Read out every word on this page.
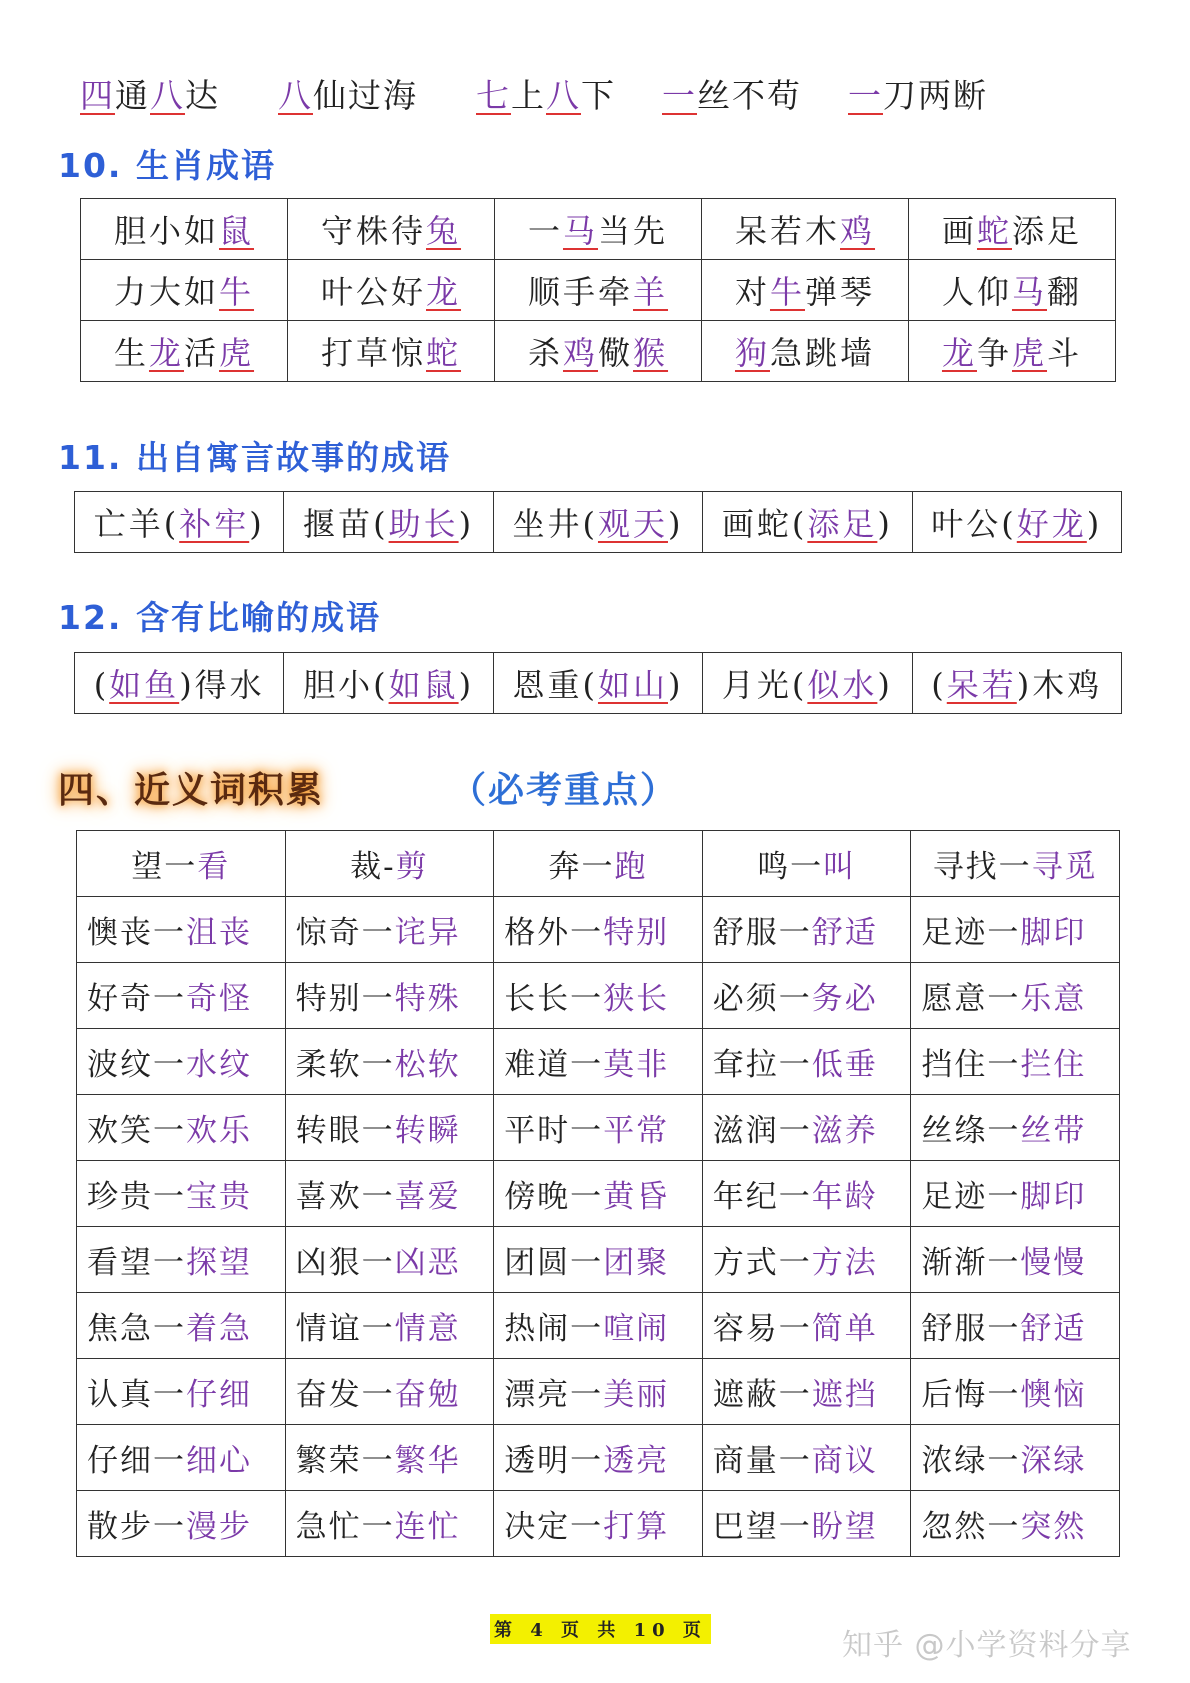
四通八达 八仙过海 七上八下 一丝不苟 一刀两断
10. 生肖成语
胆小如鼠	守株待兔	一马当先	呆若木鸡	画蛇添足
力大如牛	叶公好龙	顺手牵羊	对牛弹琴	人仰马翻
生龙活虎	打草惊蛇	杀鸡儆猴	狗急跳墙	龙争虎斗
11. 出自寓言故事的成语
亡羊(补牢)	揠苗(助长)	坐井(观天)	画蛇(添足)	叶公(好龙)
12. 含有比喻的成语
(如鱼)得水	胆小(如鼠)	恩重(如山)	月光(似水)	(呆若)木鸡
四、近义词积累	（必考重点）
望一看	裁-剪	奔一跑	鸣一叫	寻找一寻觅
懊丧一沮丧	惊奇一诧异	格外一特别	舒服一舒适	足迹一脚印
好奇一奇怪	特别一特殊	长长一狭长	必须一务必	愿意一乐意
波纹一水纹	柔软一松软	难道一莫非	耷拉一低垂	挡住一拦住
欢笑一欢乐	转眼一转瞬	平时一平常	滋润一滋养	丝绦一丝带
珍贵一宝贵	喜欢一喜爱	傍晚一黄昏	年纪一年龄	足迹一脚印
看望一探望	凶狠一凶恶	团圆一团聚	方式一方法	渐渐一慢慢
焦急一着急	情谊一情意	热闹一喧闹	容易一简单	舒服一舒适
认真一仔细	奋发一奋勉	漂亮一美丽	遮蔽一遮挡	后悔一懊恼
仔细一细心	繁荣一繁华	透明一透亮	商量一商议	浓绿一深绿
散步一漫步	急忙一连忙	决定一打算	巴望一盼望	忽然一突然
第 4 页 共 10 页	知乎 @小学资料分享
